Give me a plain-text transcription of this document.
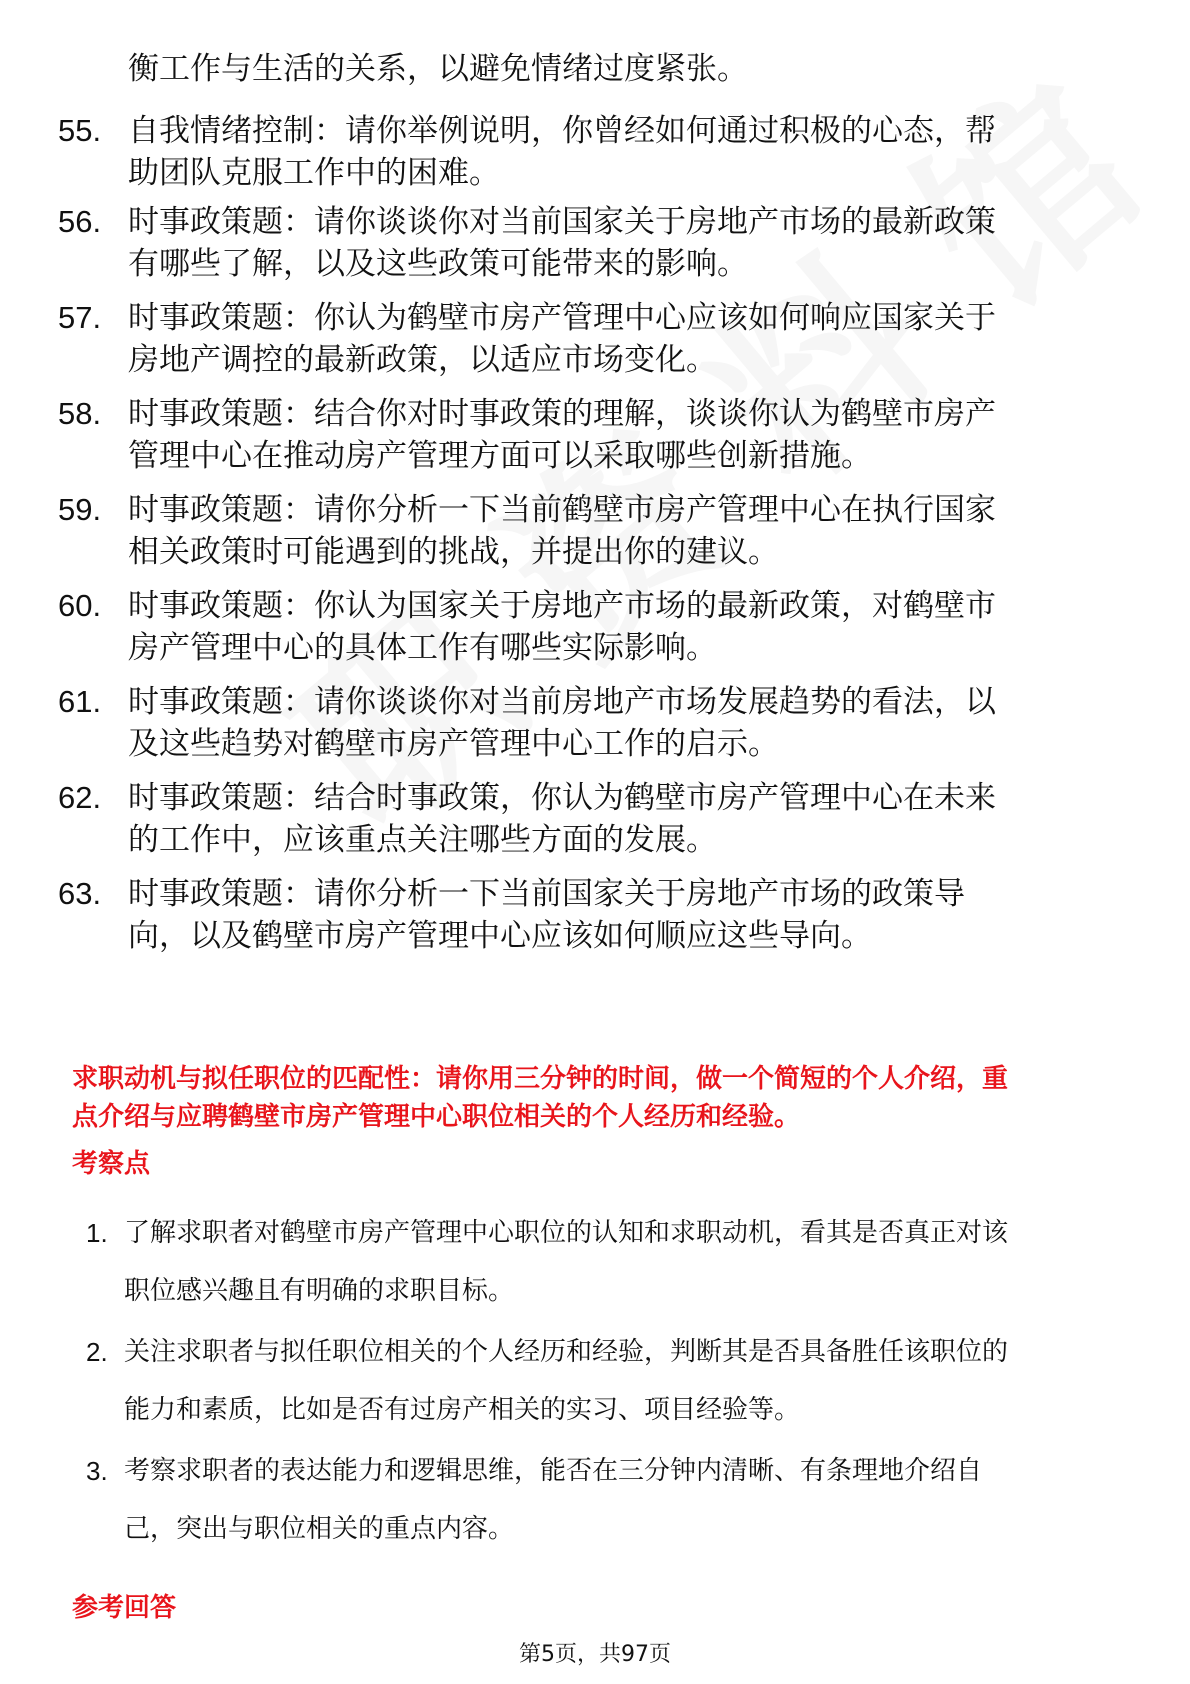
衡工作与生活的关系，以避免情绪过度紧张。
55. 自我情绪控制：请你举例说明，你曾经如何通过积极的心态，帮
助团队克服工作中的困难。
56. 时事政策题：请你谈谈你对当前国家关于房地产市场的最新政策
有哪些了解，以及这些政策可能带来的影响。
57. 时事政策题：你认为鹤壁市房产管理中心应该如何响应国家关于
房地产调控的最新政策，以适应市场变化。
58. 时事政策题：结合你对时事政策的理解，谈谈你认为鹤壁市房产
管理中心在推动房产管理方面可以采取哪些创新措施。
59. 时事政策题：请你分析一下当前鹤壁市房产管理中心在执行国家
相关政策时可能遇到的挑战，并提出你的建议。
60. 时事政策题：你认为国家关于房地产市场的最新政策，对鹤壁市
房产管理中心的具体工作有哪些实际影响。
61. 时事政策题：请你谈谈你对当前房地产市场发展趋势的看法，以
及这些趋势对鹤壁市房产管理中心工作的启示。
62. 时事政策题：结合时事政策，你认为鹤壁市房产管理中心在未来
的工作中，应该重点关注哪些方面的发展。
63. 时事政策题：请你分析一下当前国家关于房地产市场的政策导
向，以及鹤壁市房产管理中心应该如何顺应这些导向。
求职动机与拟任职位的匹配性：请你用三分钟的时间，做一个简短的个人介绍，重
点介绍与应聘鹤壁市房产管理中心职位相关的个人经历和经验。
考察点
1. 了解求职者对鹤壁市房产管理中心职位的认知和求职动机，看其是否真正对该
职位感兴趣且有明确的求职目标。
2. 关注求职者与拟任职位相关的个人经历和经验，判断其是否具备胜任该职位的
能力和素质，比如是否有过房产相关的实习、项目经验等。
3. 考察求职者的表达能力和逻辑思维，能否在三分钟内清晰、有条理地介绍自
己，突出与职位相关的重点内容。
参考回答
第5页，共97页
